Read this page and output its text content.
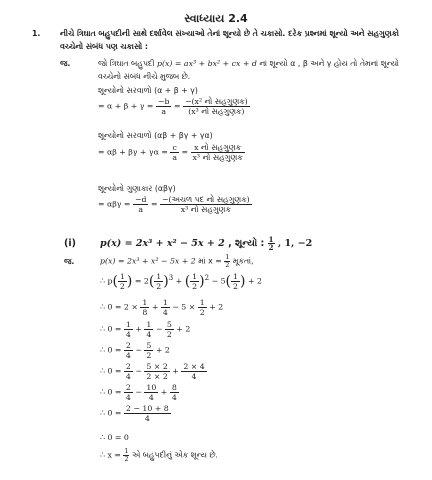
સ્વાધ્યાય 2.4
1.	નીચે ત્રિઘાત બહુપદીની સાથે દર્શાવેલ સંખ્યાઓ તેનાં શૂન્યો છે તે ચકાસો. દરેક પ્રશ્નમાં શૂન્યો અને સહગુણકો
વચ્ચેનો સંબંધ પણ ચકાસો :
જ.	જો ત્રિઘાત બહુપદી p(x) = ax³ + bx² + cx + d નાં શૂન્યો α , β અને γ હોય તો તેમનાં શૂન્યો
વચ્ચેનો સંબંધ નીચે મુજબ છે.
શૂન્યોનો સરવાળો (α + β + γ)
= $\alpha + \beta + \gamma = \frac{-b}{a} = \frac{\text{−(x² નો સહગુણક)}}{\text{(x³ નો સહગુણક)}}$
શૂન્યોનો સરવાળો (αβ + βγ + γα)
= $\alpha\beta + \beta\gamma + \gamma\alpha = \frac{c}{a} = \frac{\text{x નો સહગુણક}}{\text{x³ નો સહગુણક}}$
શૂન્યોનો ગુણાકાર (αβγ)
= $\alpha\beta\gamma = \frac{-d}{a} = \frac{\text{−(અચળ પદ નો સહગુણક)}}{\text{x³ નો સહગુણક}}$
(i)	p(x) = 2x³ + x² − 5x + 2 , શૂન્યો : $\frac{1}{2}$ , 1, −2
જ.	p(x) = 2x³ + x² − 5x + 2 માં $x = \frac{1}{2}$ મૂકતાં,
∴ $p( \frac{1}{2}$ ) = $2( \frac{1}{2} )^3$ + ( $\frac{1}{2} )^2 - 5( \frac{1}{2}$ ) + 2
∴ $0 = 2 \times \frac{1}{8} + \frac{1}{4} - 5 \times \frac{1}{2} + 2$
∴ $0 = \frac{1}{4} + \frac{1}{4} - \frac{5}{2} + 2$
∴ $0 = \frac{2}{4} - \frac{5}{2} + 2$
∴ $0 = \frac{2}{4} - \frac{5 \times 2}{2 \times 2} + \frac{2 \times 4}{4}$
∴ $0 = \frac{2}{4} - \frac{10}{4} + \frac{8}{4}$
∴ $0 = \frac{2 - 10 + 8}{4}$
∴ 0 = 0
∴ $x = \frac{1}{2}$ એ બહુપદીનું એક શૂન્ય છે.
